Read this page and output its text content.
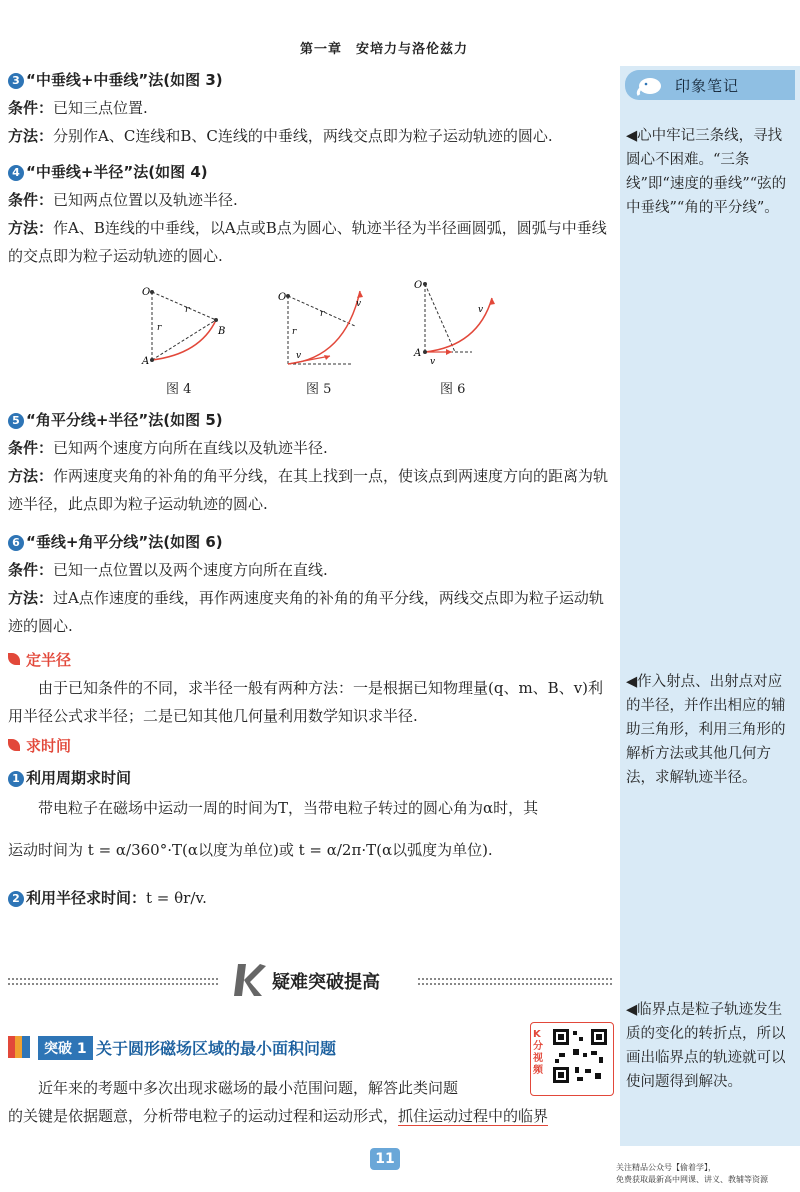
印象笔记
◀心中牢记三条线，寻找圆心不困难。“三条线”即“速度的垂线”“弦的中垂线”“角的平分线”。
◀作入射点、出射点对应的半径，并作出相应的辅助三角形，利用三角形的解析方法或其他几何方法，求解轨迹半径。
◀临界点是粒子轨迹发生质的变化的转折点，所以画出临界点的轨迹就可以使问题得到解决。
第一章　安培力与洛伦兹力
3 “中垂线+中垂线”法(如图 3)
条件：已知三点位置.
方法：分别作A、C连线和B、C连线的中垂线，两线交点即为粒子运动轨迹的圆心.
4 “中垂线+半径”法(如图 4)
条件：已知两点位置以及轨迹半径.
方法：作A、B连线的中垂线，以A点或B点为圆心、轨迹半径为半径画圆弧，圆弧与中垂线的交点即为粒子运动轨迹的圆心.
O
A
B
r
r
O
r
r
v
v
O
A
v
v
图 4	图 5	图 6
5 “角平分线+半径”法(如图 5)
条件：已知两个速度方向所在直线以及轨迹半径.
方法：作两速度夹角的补角的角平分线，在其上找到一点，使该点到两速度方向的距离为轨迹半径，此点即为粒子运动轨迹的圆心.
6 “垂线+角平分线”法(如图 6)
条件：已知一点位置以及两个速度方向所在直线.
方法：过A点作速度的垂线，再作两速度夹角的补角的角平分线，两线交点即为粒子运动轨迹的圆心.
定半径
由于已知条件的不同，求半径一般有两种方法：一是根据已知物理量(q、m、B、v)利用半径公式求半径；二是已知其他几何量利用数学知识求半径.
求时间
1 利用周期求时间
带电粒子在磁场中运动一周的时间为T，当带电粒子转过的圆心角为α时，其
运动时间为 t = α/360°·T(α以度为单位)或 t = α/2π·T(α以弧度为单位).
2 利用半径求时间：t = θr/v.
疑难突破提高
突破 1 关于圆形磁场区域的最小面积问题
K分视频
近年来的考题中多次出现求磁场的最小范围问题，解答此类问题
的关键是依据题意，分析带电粒子的运动过程和运动形式，抓住运动过程中的临界
11
关注精品公众号【偷着学】，
免费获取最新高中网课、讲义、教辅等资源
